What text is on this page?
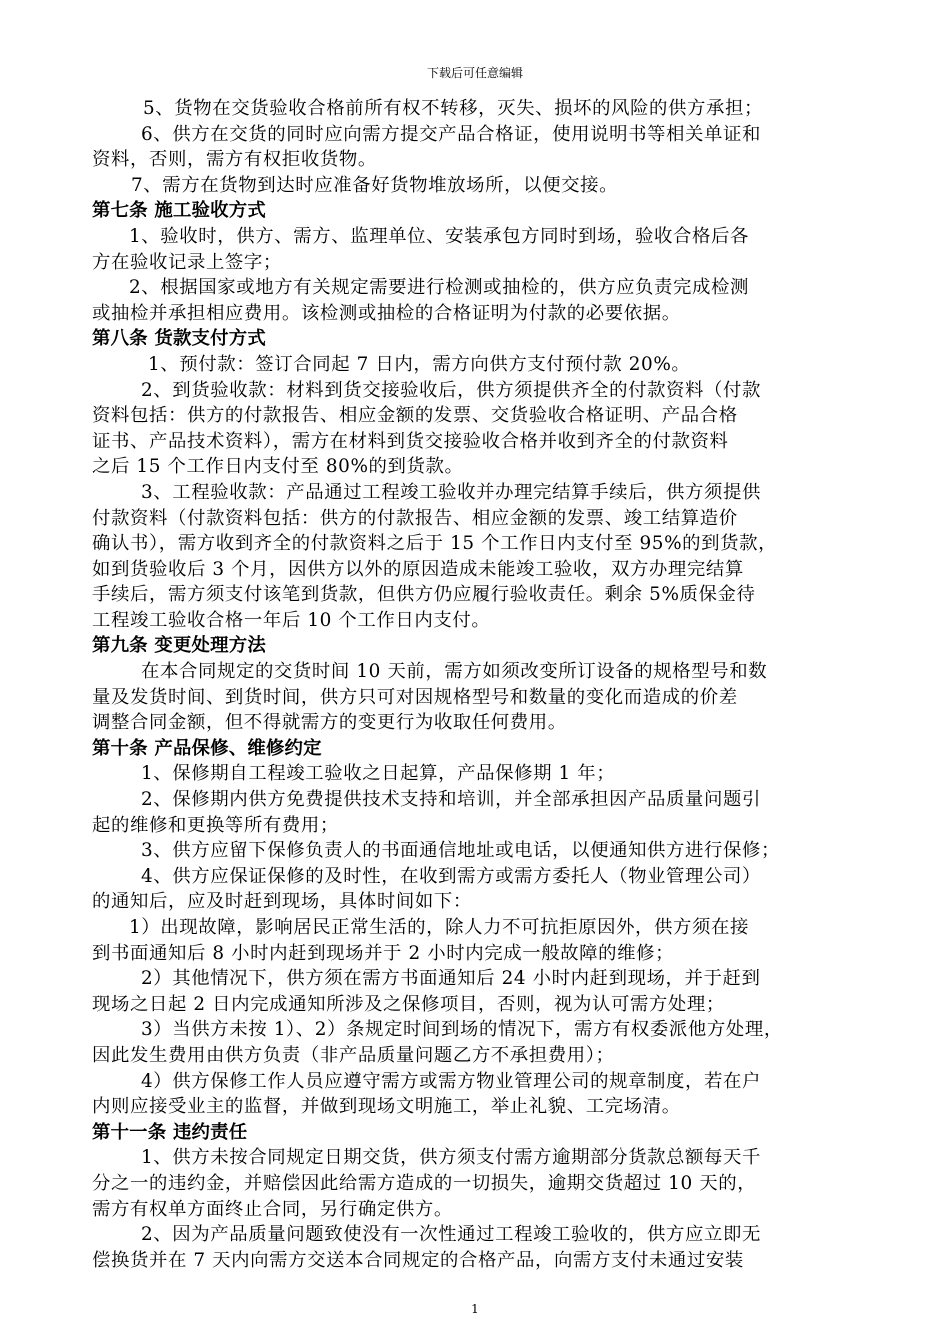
下载后可任意编辑
5、货物在交货验收合格前所有权不转移，灭失、损坏的风险的供方承担；
6、供方在交货的同时应向需方提交产品合格证，使用说明书等相关单证和
资料，否则，需方有权拒收货物。
7、需方在货物到达时应准备好货物堆放场所，以便交接。
第七条 施工验收方式
1、验收时，供方、需方、监理单位、安装承包方同时到场，验收合格后各
方在验收记录上签字；
2、根据国家或地方有关规定需要进行检测或抽检的，供方应负责完成检测
或抽检并承担相应费用。该检测或抽检的合格证明为付款的必要依据。
第八条 货款支付方式
1、预付款：签订合同起 7 日内，需方向供方支付预付款 20%。
2、到货验收款：材料到货交接验收后，供方须提供齐全的付款资料（付款
资料包括：供方的付款报告、相应金额的发票、交货验收合格证明、产品合格
证书、产品技术资料），需方在材料到货交接验收合格并收到齐全的付款资料
之后 15 个工作日内支付至 80%的到货款。
3、工程验收款：产品通过工程竣工验收并办理完结算手续后，供方须提供
付款资料（付款资料包括：供方的付款报告、相应金额的发票、竣工结算造价
确认书），需方收到齐全的付款资料之后于 15 个工作日内支付至 95%的到货款，
如到货验收后 3 个月，因供方以外的原因造成未能竣工验收，双方办理完结算
手续后，需方须支付该笔到货款，但供方仍应履行验收责任。剩余 5%质保金待
工程竣工验收合格一年后 10 个工作日内支付。
第九条 变更处理方法
在本合同规定的交货时间 10 天前，需方如须改变所订设备的规格型号和数
量及发货时间、到货时间，供方只可对因规格型号和数量的变化而造成的价差
调整合同金额，但不得就需方的变更行为收取任何费用。
第十条 产品保修、维修约定
1、保修期自工程竣工验收之日起算，产品保修期 1 年；
2、保修期内供方免费提供技术支持和培训，并全部承担因产品质量问题引
起的维修和更换等所有费用；
3、供方应留下保修负责人的书面通信地址或电话，以便通知供方进行保修；
4、供方应保证保修的及时性，在收到需方或需方委托人（物业管理公司）
的通知后，应及时赶到现场，具体时间如下：
1）出现故障，影响居民正常生活的，除人力不可抗拒原因外，供方须在接
到书面通知后 8 小时内赶到现场并于 2 小时内完成一般故障的维修；
2）其他情况下，供方须在需方书面通知后 24 小时内赶到现场，并于赶到
现场之日起 2 日内完成通知所涉及之保修项目，否则，视为认可需方处理；
3）当供方未按 1）、2）条规定时间到场的情况下，需方有权委派他方处理，
因此发生费用由供方负责（非产品质量问题乙方不承担费用）；
4）供方保修工作人员应遵守需方或需方物业管理公司的规章制度，若在户
内则应接受业主的监督，并做到现场文明施工，举止礼貌、工完场清。
第十一条 违约责任
1、供方未按合同规定日期交货，供方须支付需方逾期部分货款总额每天千
分之一的违约金，并赔偿因此给需方造成的一切损失，逾期交货超过 10 天的，
需方有权单方面终止合同，另行确定供方。
2、因为产品质量问题致使没有一次性通过工程竣工验收的，供方应立即无
偿换货并在 7 天内向需方交送本合同规定的合格产品，向需方支付未通过安装
1
